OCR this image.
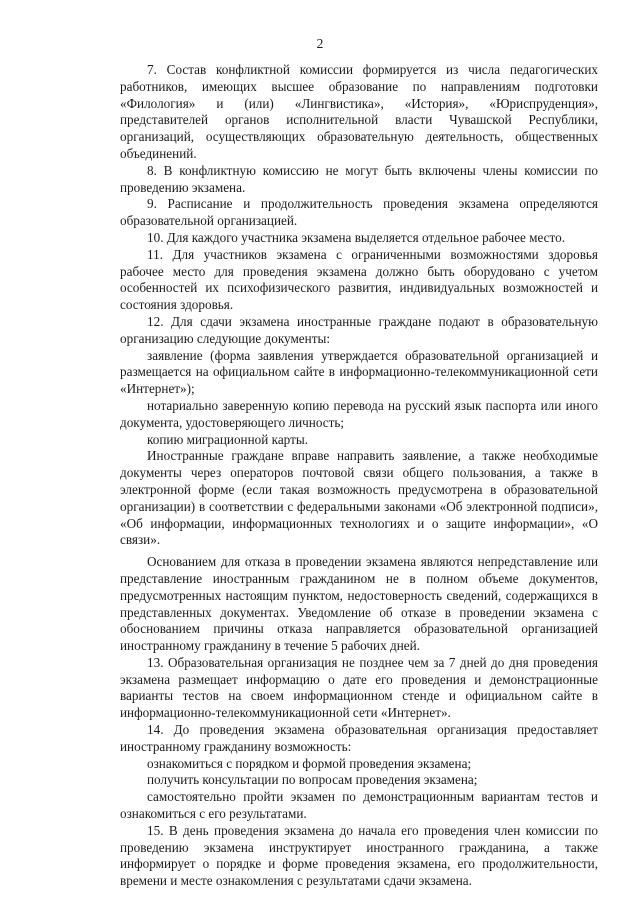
2

7. Состав конфликтной комиссии формируется из числа педагогических работников, имеющих высшее образование по направлениям подготовки «Филология» и (или) «Лингвистика», «История», «Юриспруденция», представителей органов исполнительной власти Чувашской Республики, организаций, осуществляющих образовательную деятельность, общественных объединений.

8. В конфликтную комиссию не могут быть включены члены комиссии по проведению экзамена.

9. Расписание и продолжительность проведения экзамена определяются образовательной организацией.

10. Для каждого участника экзамена выделяется отдельное рабочее место.

11. Для участников экзамена с ограниченными возможностями здоровья рабочее место для проведения экзамена должно быть оборудовано с учетом особенностей их психофизического развития, индивидуальных возможностей и состояния здоровья.

12. Для сдачи экзамена иностранные граждане подают в образовательную организацию следующие документы:

заявление (форма заявления утверждается образовательной организацией и размещается на официальном сайте в информационно-телекоммуникационной сети «Интернет»);

нотариально заверенную копию перевода на русский язык паспорта или иного документа, удостоверяющего личность;

копию миграционной карты.

Иностранные граждане вправе направить заявление, а также необходимые документы через операторов почтовой связи общего пользования, а также в электронной форме (если такая возможность предусмотрена в образовательной организации) в соответствии с федеральными законами «Об электронной подписи», «Об информации, информационных технологиях и о защите информации», «О связи».

Основанием для отказа в проведении экзамена являются непредставление или представление иностранным гражданином не в полном объеме документов, предусмотренных настоящим пунктом, недостоверность сведений, содержащихся в представленных документах. Уведомление об отказе в проведении экзамена с обоснованием причины отказа направляется образовательной организацией иностранному гражданину в течение 5 рабочих дней.

13. Образовательная организация не позднее чем за 7 дней до дня проведения экзамена размещает информацию о дате его проведения и демонстрационные варианты тестов на своем информационном стенде и официальном сайте в информационно-телекоммуникационной сети «Интернет».

14. До проведения экзамена образовательная организация предоставляет иностранному гражданину возможность:

ознакомиться с порядком и формой проведения экзамена;

получить консультации по вопросам проведения экзамена;

самостоятельно пройти экзамен по демонстрационным вариантам тестов и ознакомиться с его результатами.

15. В день проведения экзамена до начала его проведения член комиссии по проведению экзамена инструктирует иностранного гражданина, а также информирует о порядке и форме проведения экзамена, его продолжительности, времени и месте ознакомления с результатами сдачи экзамена.
